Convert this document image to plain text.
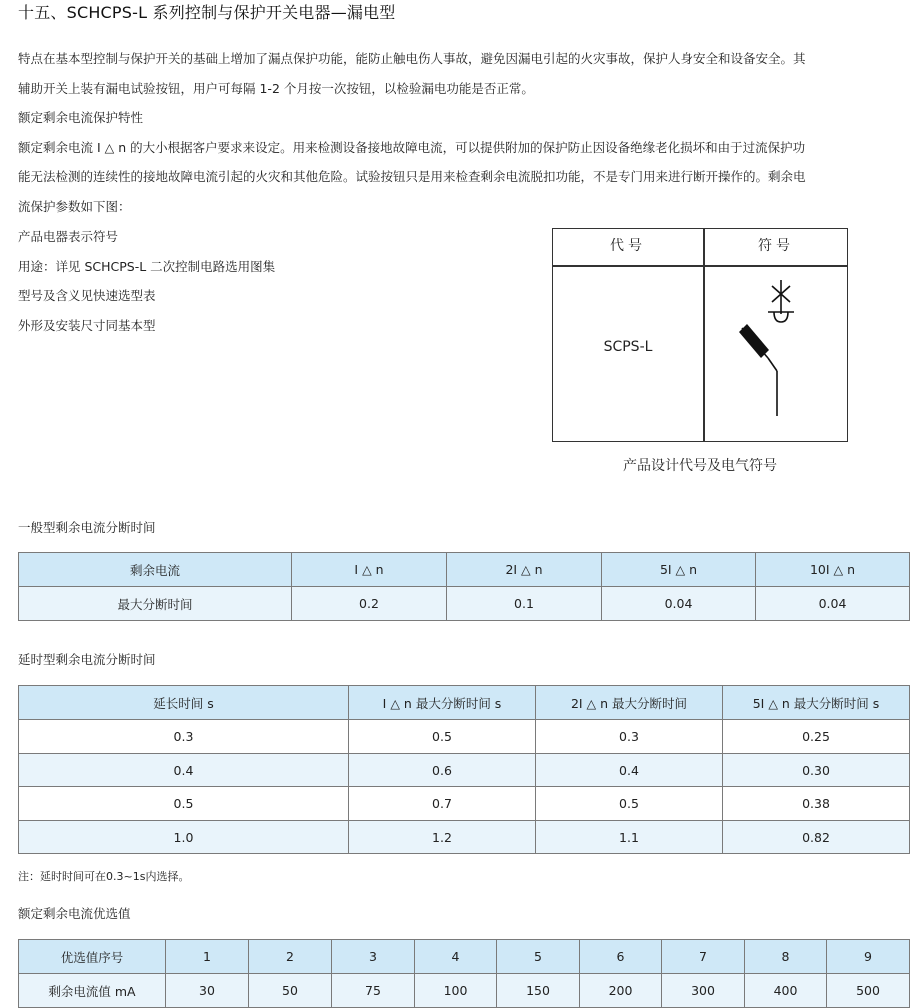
十五、SCHCPS-L 系列控制与保护开关电器—漏电型

特点在基本型控制与保护开关的基础上增加了漏点保护功能，能防止触电伤人事故，避免因漏电引起的火灾事故，保护人身安全和设备安全。其

辅助开关上装有漏电试验按钮，用户可每隔 1-2 个月按一次按钮，以检验漏电功能是否正常。

额定剩余电流保护特性

额定剩余电流 I △ n 的大小根据客户要求来设定。用来检测设备接地故障电流，可以提供附加的保护防止因设备绝缘老化损坏和由于过流保护功

能无法检测的连续性的接地故障电流引起的火灾和其他危险。试验按钮只是用来检查剩余电流脱扣功能，不是专门用来进行断开操作的。剩余电

流保护参数如下图：

产品电器表示符号

用途：详见 SCHCPS-L 二次控制电路选用图集

型号及含义见快速选型表

外形及安装尺寸同基本型

代号	符号
SCPS-L
产品设计代号及电气符号
一般型剩余电流分断时间
剩余电流	I △ n	2I △ n	5I △ n	10I △ n
最大分断时间	0.2	0.1	0.04	0.04
延时型剩余电流分断时间
延长时间 s	I △ n 最大分断时间 s	2I △ n 最大分断时间	5I △ n 最大分断时间 s
0.3	0.5	0.3	0.25
0.4	0.6	0.4	0.30
0.5	0.7	0.5	0.38
1.0	1.2	1.1	0.82
注：延时时间可在0.3~1s内选择。
额定剩余电流优选值
优选值序号	1	2	3	4	5	6	7	8	9
剩余电流值 mA	30	50	75	100	150	200	300	400	500
